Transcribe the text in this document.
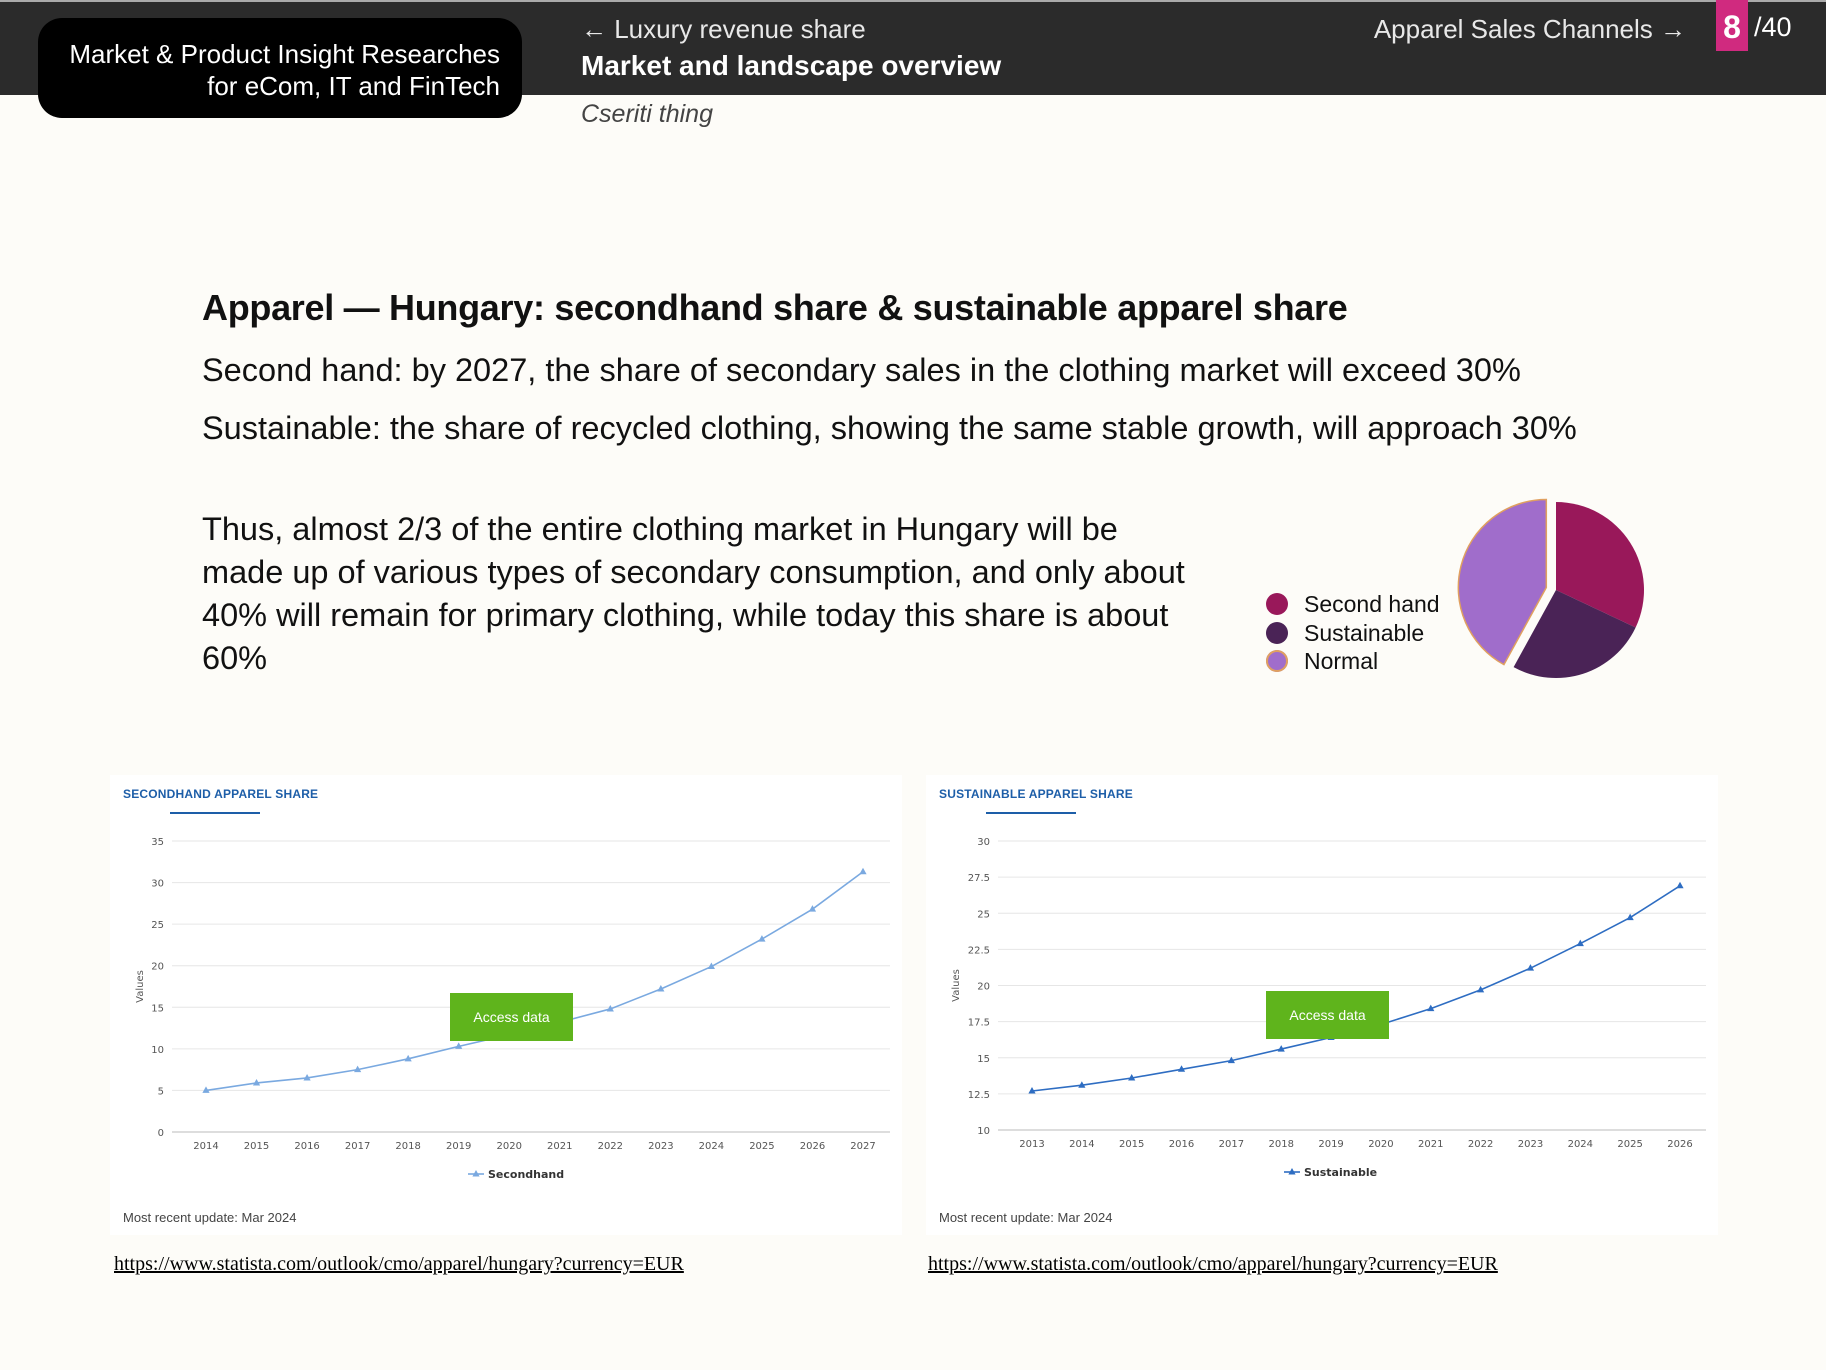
Market & Product Insight Researches
for eCom, IT and FinTech
← Luxury revenue share
Market and landscape overview
Cseriti thing
Apparel Sales Channels → 8 /40
Apparel — Hungary: secondhand share & sustainable apparel share
Second hand: by 2027, the share of secondary sales in the clothing market will exceed 30%
Sustainable: the share of recycled clothing, showing the same stable growth, will approach 30%
Thus, almost 2/3 of the entire clothing market in Hungary will be made up of various types of secondary consumption, and only about 40% will remain for primary clothing, while today this share is about 60%
Second hand
Sustainable
Normal
SECONDHAND APPAREL SHARE
0
5
10
15
20
25
30
35
2014	2015	2016	2017	2018	2019	2020	2021	2022	2023	2024	2025	2026	2027
Values
Secondhand
Access data
Most recent update: Mar 2024
SUSTAINABLE APPAREL SHARE
10
12.5
15
17.5
20
22.5
25
27.5
30
2013 2014 2015 2016 2017 2018 2019 2020 2021 2022 2023 2024 2025 2026
Values
Sustainable
Access data
Most recent update: Mar 2024
https://www.statista.com/outlook/cmo/apparel/hungary?currency=EUR	https://www.statista.com/outlook/cmo/apparel/hungary?currency=EUR
